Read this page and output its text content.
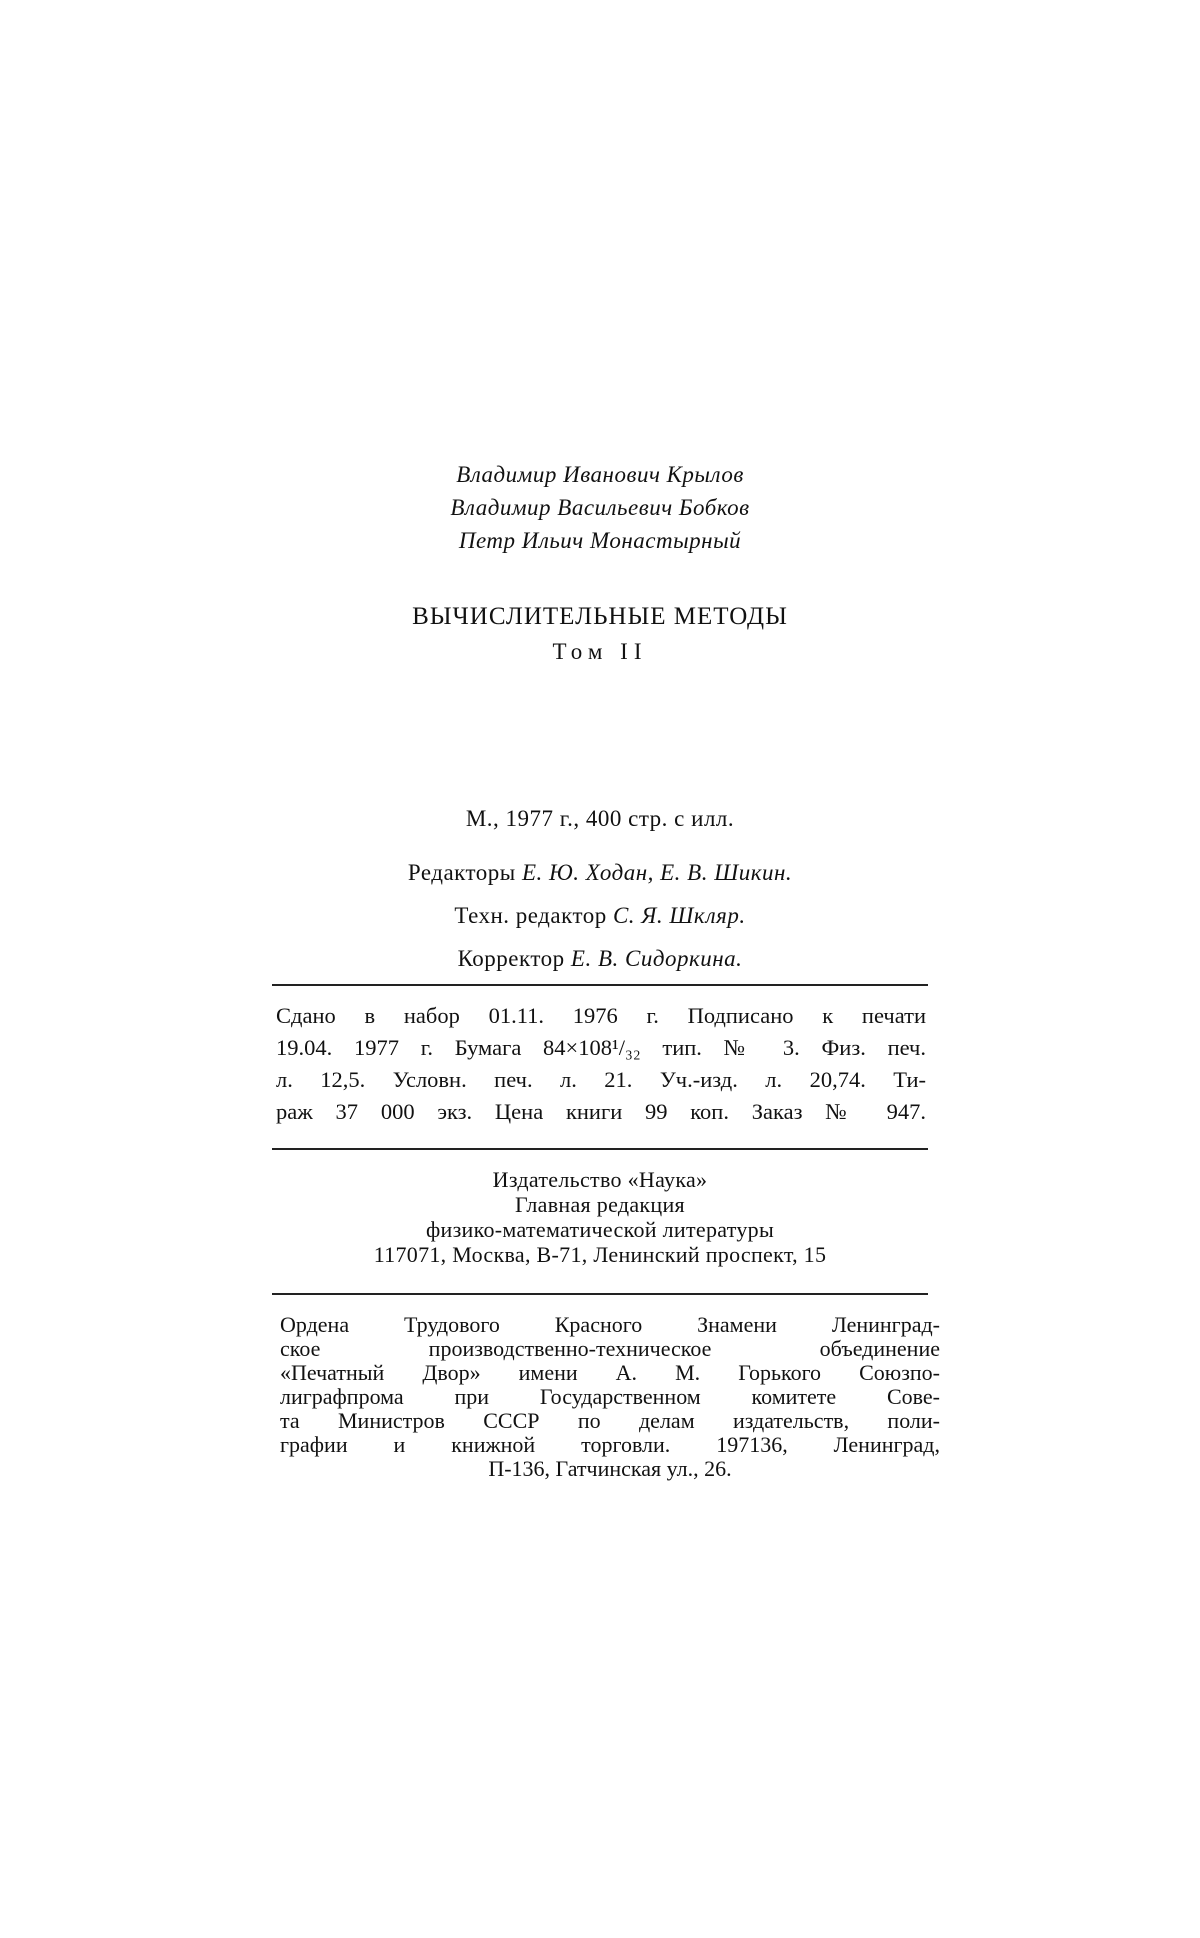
Владимир Иванович Крылов
Владимир Васильевич Бобков
Петр Ильич Монастырный
ВЫЧИСЛИТЕЛЬНЫЕ МЕТОДЫ
Том II
М., 1977 г., 400 стр. с илл.
Редакторы Е. Ю. Ходан, Е. В. Шикин.
Техн. редактор С. Я. Шкляр.
Корректор Е. В. Сидоркина.
Сдано в набор 01.11. 1976 г. Подписано к печати
19.04. 1977 г. Бумага 84×108¹/₃₂ тип. № 3. Физ. печ.
л. 12,5. Условн. печ. л. 21. Уч.-изд. л. 20,74. Ти-
раж 37 000 экз. Цена книги 99 коп. Заказ № 947.
Издательство «Наука»
Главная редакция
физико-математической литературы
117071, Москва, В-71, Ленинский проспект, 15
Ордена Трудового Красного Знамени Ленинград-
ское производственно-техническое объединение
«Печатный Двор» имени А. М. Горького Союзпо-
лиграфпрома при Государственном комитете Сове-
та Министров СССР по делам издательств, поли-
графии и книжной торговли. 197136, Ленинград,
П-136, Гатчинская ул., 26.
